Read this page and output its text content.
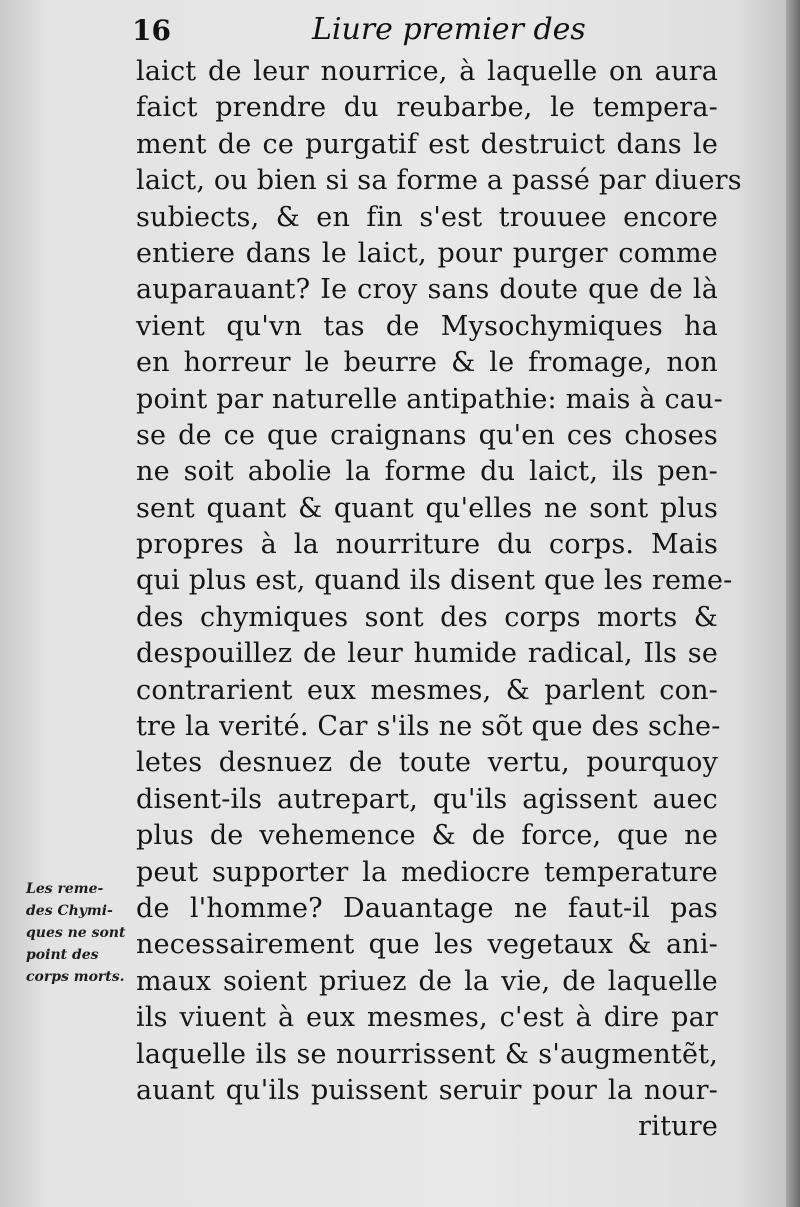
16	Liure premier des
laict de leur nourrice, à laquelle on aura
faict prendre du reubarbe, le tempera-
ment de ce purgatif est destruict dans le
laict, ou bien si sa forme a passé par diuers
subiects, & en fin s'est trouuee encore
entiere dans le laict, pour purger comme
auparauant? Ie croy sans doute que de là
vient qu'vn tas de Mysochymiques ha
en horreur le beurre & le fromage, non
point par naturelle antipathie: mais à cau-
se de ce que craignans qu'en ces choses
ne soit abolie la forme du laict, ils pen-
sent quant & quant qu'elles ne sont plus
propres à la nourriture du corps. Mais
qui plus est, quand ils disent que les reme-
des chymiques sont des corps morts &
despouillez de leur humide radical, Ils se
contrarient eux mesmes, & parlent con-
tre la verité. Car s'ils ne sõt que des sche-
letes desnuez de toute vertu, pourquoy
disent-ils autrepart, qu'ils agissent auec
plus de vehemence & de force, que ne
peut supporter la mediocre temperature
de l'homme? Dauantage ne faut-il pas
necessairement que les vegetaux & ani-
maux soient priuez de la vie, de laquelle
ils viuent à eux mesmes, c'est à dire par
laquelle ils se nourrissent & s'augmentẽt,
auant qu'ils puissent seruir pour la nour-
riture
Les reme-
des Chymi-
ques ne sont
point des
corps morts.
